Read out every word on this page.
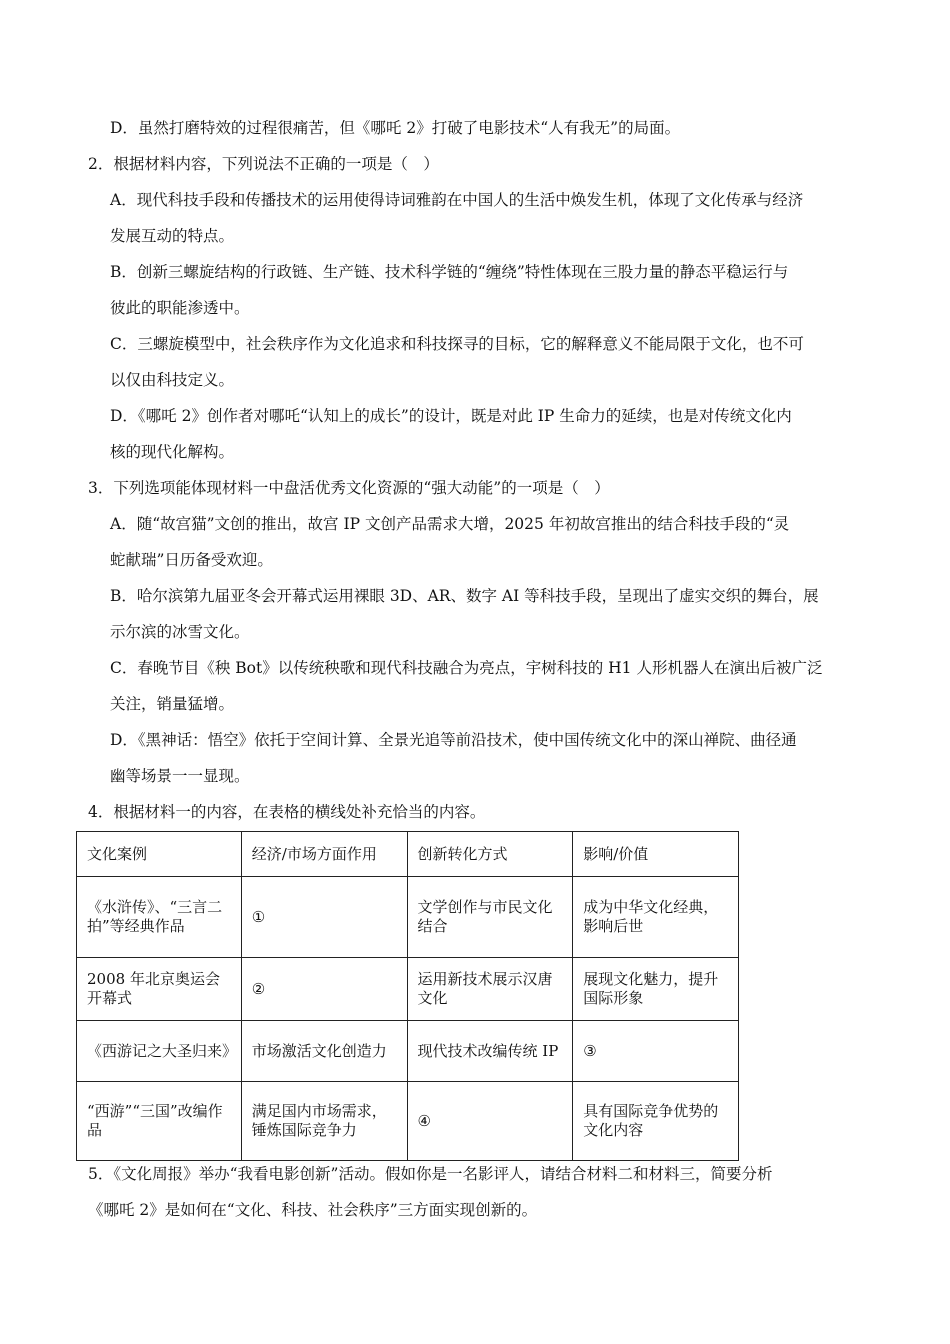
D．虽然打磨特效的过程很痛苦，但《哪吒 2》打破了电影技术“人有我无”的局面。
2．根据材料内容，下列说法不正确的一项是（　）
A．现代科技手段和传播技术的运用使得诗词雅韵在中国人的生活中焕发生机，体现了文化传承与经济
发展互动的特点。
B．创新三螺旋结构的行政链、生产链、技术科学链的“缠绕”特性体现在三股力量的静态平稳运行与
彼此的职能渗透中。
C．三螺旋模型中，社会秩序作为文化追求和科技探寻的目标，它的解释意义不能局限于文化，也不可
以仅由科技定义。
D．《哪吒 2》创作者对哪吒“认知上的成长”的设计，既是对此 IP 生命力的延续，也是对传统文化内
核的现代化解构。
3．下列选项能体现材料一中盘活优秀文化资源的“强大动能”的一项是（　）
A．随“故宫猫”文创的推出，故宫 IP 文创产品需求大增，2025 年初故宫推出的结合科技手段的“灵
蛇献瑞”日历备受欢迎。
B．哈尔滨第九届亚冬会开幕式运用裸眼 3D、AR、数字 AI 等科技手段，呈现出了虚实交织的舞台，展
示尔滨的冰雪文化。
C．春晚节目《秧 Bot》以传统秧歌和现代科技融合为亮点，宇树科技的 H1 人形机器人在演出后被广泛
关注，销量猛增。
D．《黑神话：悟空》依托于空间计算、全景光追等前沿技术，使中国传统文化中的深山禅院、曲径通
幽等场景一一显现。
4．根据材料一的内容，在表格的横线处补充恰当的内容。
文化案例	经济/市场方面作用	创新转化方式	影响/价值
《水浒传》、“三言二拍”等经典作品	①	文学创作与市民文化结合	成为中华文化经典，影响后世
2008 年北京奥运会开幕式	②	运用新技术展示汉唐文化	展现文化魅力，提升国际形象
《西游记之大圣归来》	市场激活文化创造力	现代技术改编传统 IP	③
“西游”“三国”改编作品	满足国内市场需求，锤炼国际竞争力	④	具有国际竞争优势的文化内容
5．《文化周报》举办“我看电影创新”活动。假如你是一名影评人，请结合材料二和材料三，简要分析
《哪吒 2》是如何在“文化、科技、社会秩序”三方面实现创新的。
